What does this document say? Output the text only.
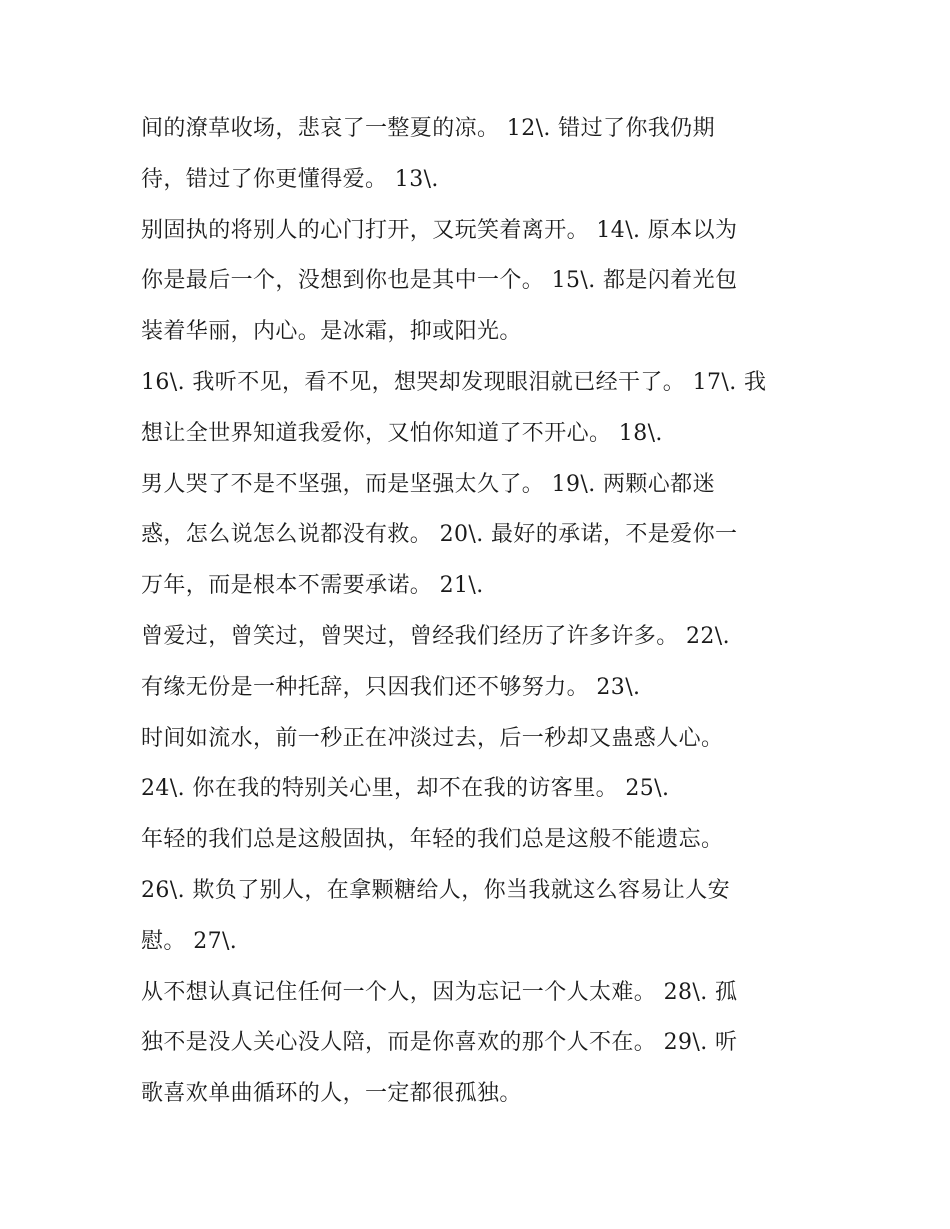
间的潦草收场，悲哀了一整夏的凉。 12\. 错过了你我仍期
待，错过了你更懂得爱。 13\.
别固执的将别人的心门打开，又玩笑着离开。 14\. 原本以为
你是最后一个，没想到你也是其中一个。 15\. 都是闪着光包
装着华丽，内心。是冰霜，抑或阳光。
16\. 我听不见，看不见，想哭却发现眼泪就已经干了。 17\. 我
想让全世界知道我爱你，又怕你知道了不开心。 18\.
男人哭了不是不坚强，而是坚强太久了。 19\. 两颗心都迷
惑，怎么说怎么说都没有救。 20\. 最好的承诺，不是爱你一
万年，而是根本不需要承诺。 21\.
曾爱过，曾笑过，曾哭过，曾经我们经历了许多许多。 22\.
有缘无份是一种托辞，只因我们还不够努力。 23\.
时间如流水，前一秒正在冲淡过去，后一秒却又蛊惑人心。
24\. 你在我的特别关心里，却不在我的访客里。 25\.
年轻的我们总是这般固执，年轻的我们总是这般不能遗忘。
26\. 欺负了别人，在拿颗糖给人，你当我就这么容易让人安
慰。 27\.
从不想认真记住任何一个人，因为忘记一个人太难。 28\. 孤
独不是没人关心没人陪，而是你喜欢的那个人不在。 29\. 听
歌喜欢单曲循环的人，一定都很孤独。
